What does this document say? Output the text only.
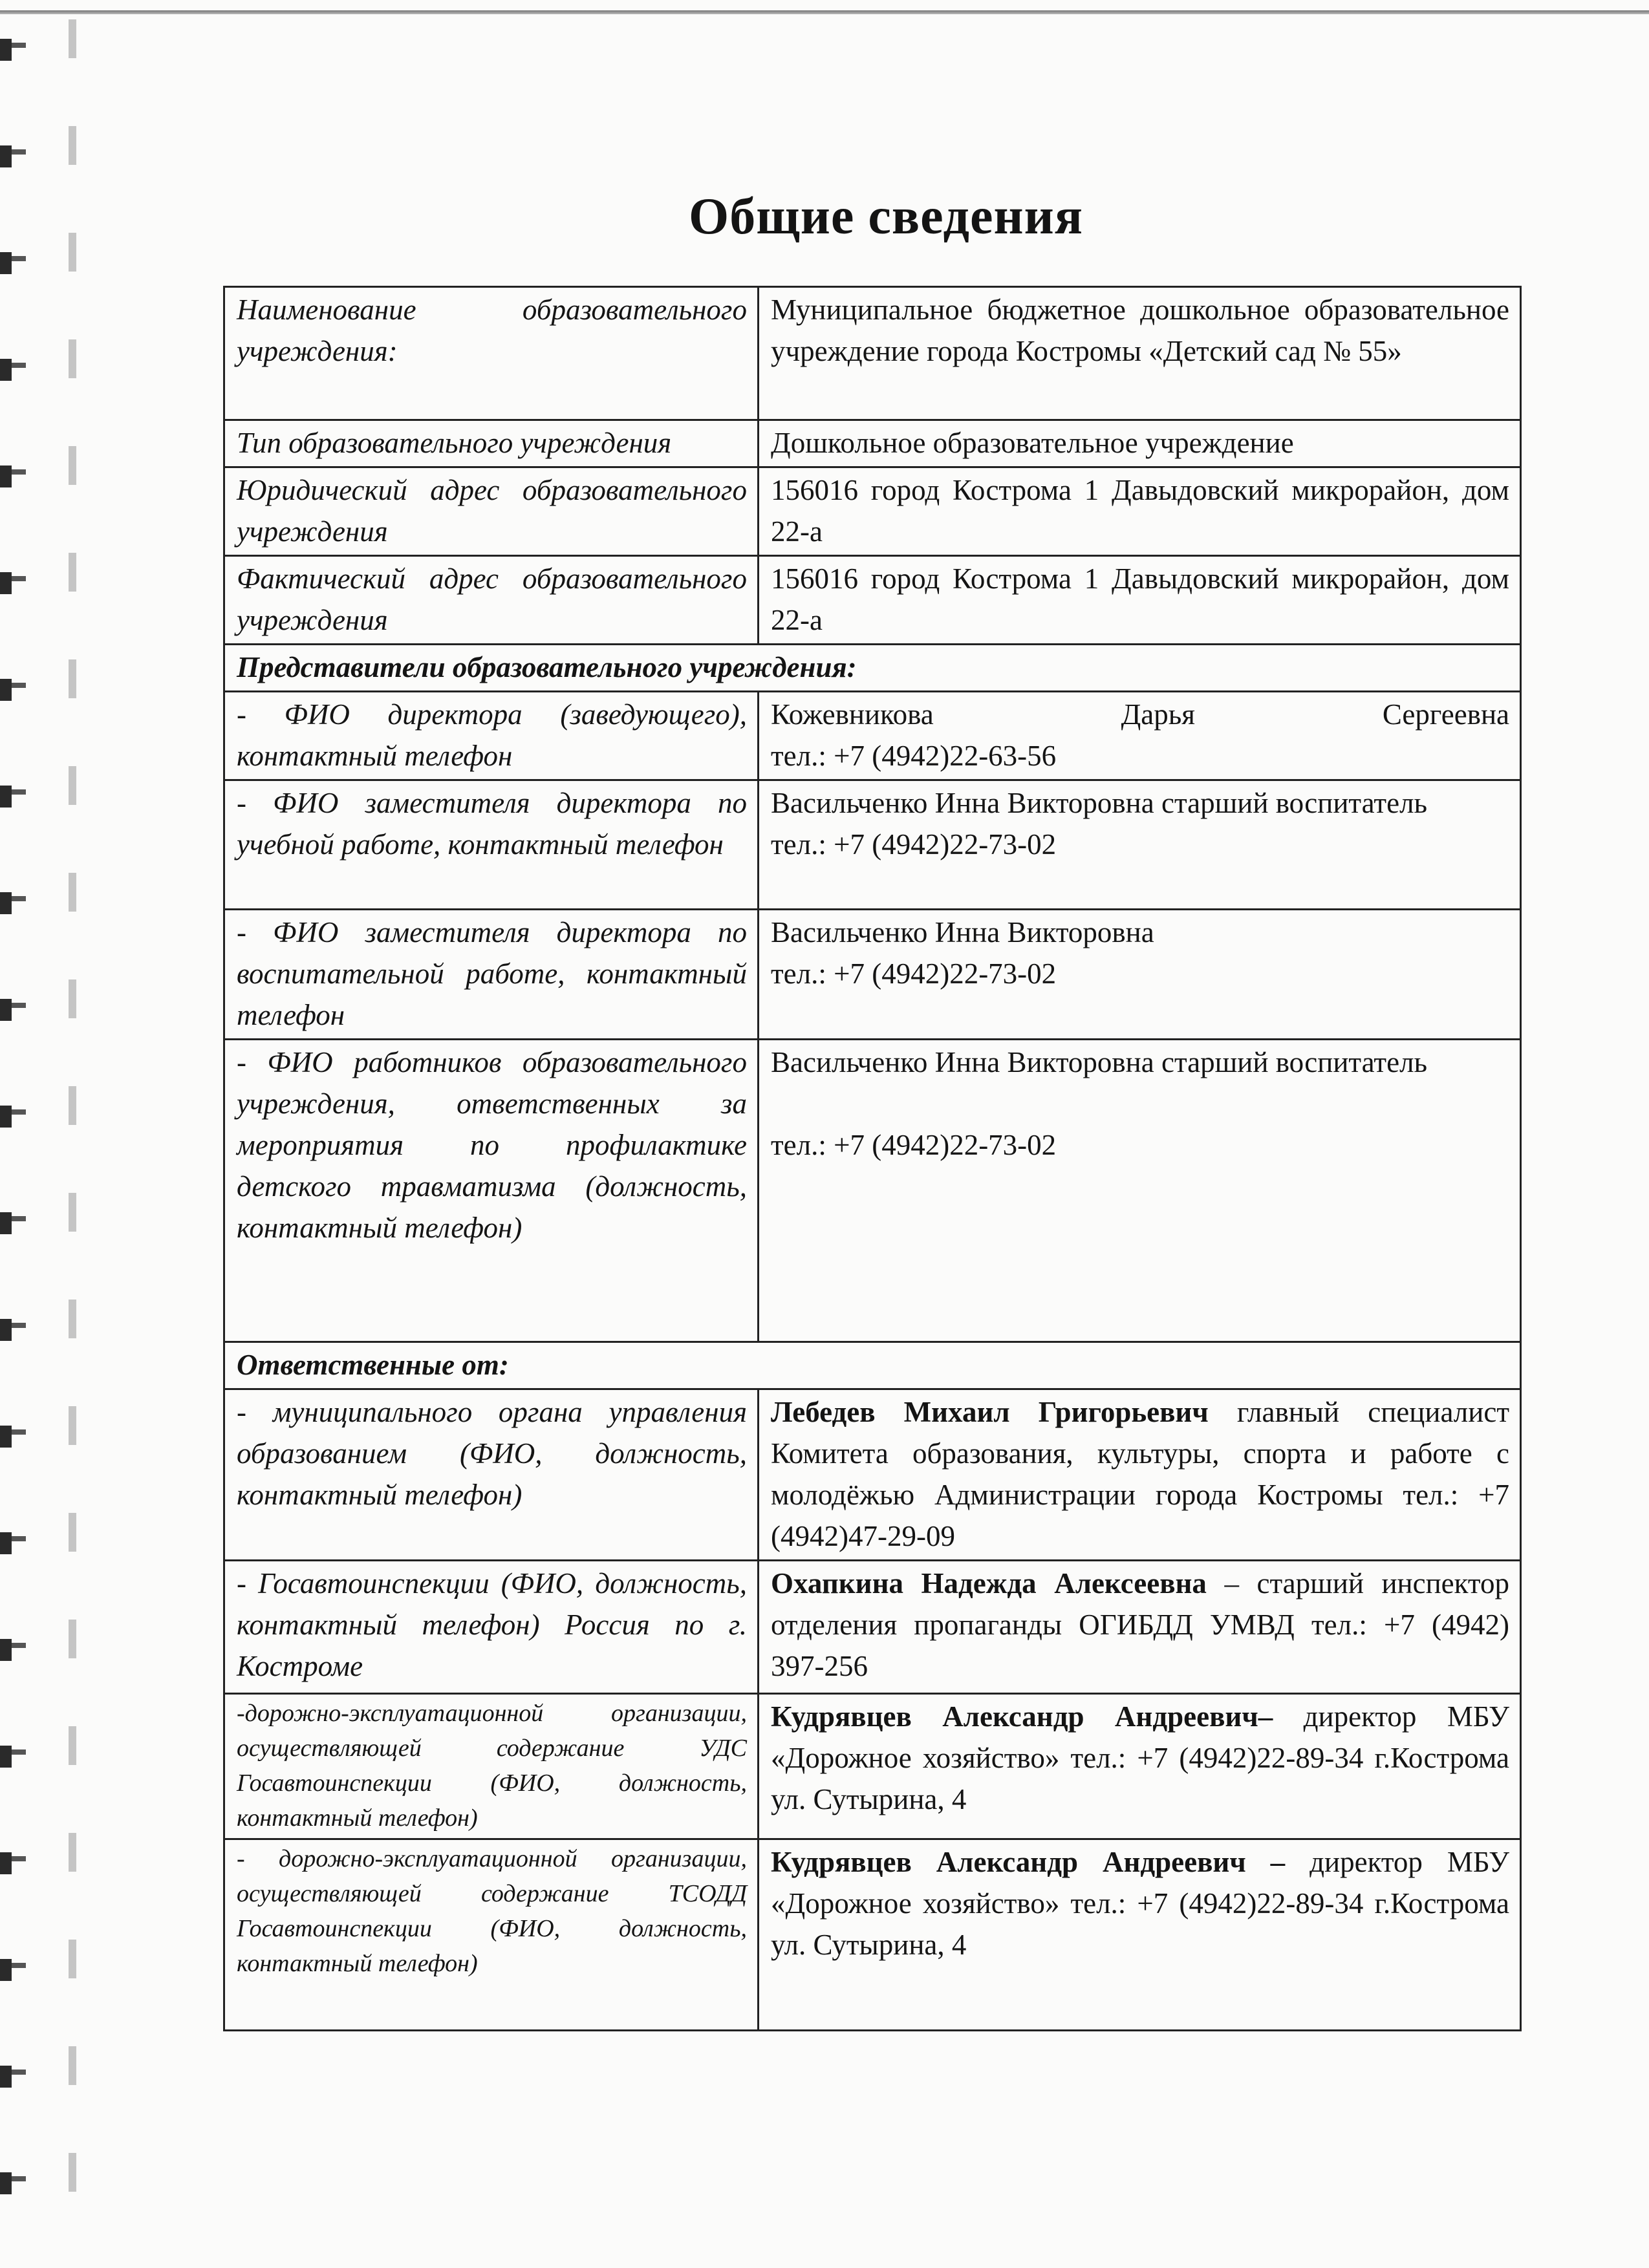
Общие сведения
Наименование образовательного учреждения:	Муниципальное бюджетное дошкольное образовательное учреждение города Костромы «Детский сад № 55»
Тип образовательного учреждения	Дошкольное образовательное учреждение
Юридический адрес образовательного учреждения	156016 город Кострома 1 Давыдовский микрорайон, дом 22-а
Фактический адрес образовательного учреждения	156016 город Кострома 1 Давыдовский микрорайон, дом 22-а
Представители образовательного учреждения:	
- ФИО директора (заведующего), контактный телефон	Кожевникова Дарья Сергеевна
тел.: +7 (4942)22-63-56

- ФИО заместителя директора по учебной работе, контактный телефон	Васильченко Инна Викторовна старший воспитатель
тел.: +7 (4942)22-73-02

- ФИО заместителя директора по воспитательной работе, контактный телефон	Васильченко Инна Викторовна
тел.: +7 (4942)22-73-02

- ФИО работников образовательного учреждения, ответственных за мероприятия по профилактике детского травматизма (должность, контактный телефон)	Васильченко Инна Викторовна старший воспитатель
тел.: +7 (4942)22-73-02

Ответственные от:	
- муниципального органа управления образованием (ФИО, должность, контактный телефон)	Лебедев Михаил Григорьевич главный специалист Комитета образования, культуры, спорта и работе с молодёжью Администрации города Костромы тел.: +7 (4942)47-29-09
- Госавтоинспекции (ФИО, должность, контактный телефон) Россия по г. Костроме	Охапкина Надежда Алексеевна – старший инспектор отделения пропаганды ОГИБДД УМВД тел.: +7 (4942) 397-256
-дорожно-эксплуатационной организации, осуществляющей содержание УДС Госавтоинспекции (ФИО, должность, контактный телефон)	Кудрявцев Александр Андреевич– директор МБУ «Дорожное хозяйство» тел.: +7 (4942)22-89-34 г.Кострома ул. Сутырина, 4
- дорожно-эксплуатационной организации, осуществляющей содержание ТСОДД Госавтоинспекции (ФИО, должность, контактный телефон)	Кудрявцев Александр Андреевич – директор МБУ «Дорожное хозяйство» тел.: +7 (4942)22-89-34 г.Кострома ул. Сутырина, 4
